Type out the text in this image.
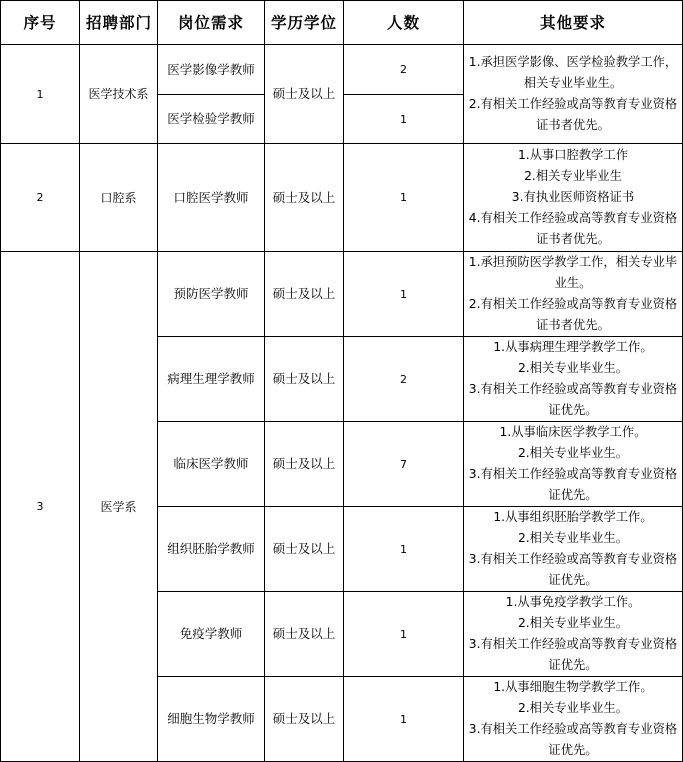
序号	招聘部门	岗位需求	学历学位	人数	其他要求
1	医学技术系	医学影像学教师	硕士及以上	2	1.承担医学影像、医学检验教学工作，相关专业毕业生。
2.有相关工作经验或高等教育专业资格证书者优先。

		医学检验学教师		1	
2	口腔系	口腔医学教师	硕士及以上	1	1.从事口腔教学工作
2.相关专业毕业生
3.有执业医师资格证书
4.有相关工作经验或高等教育专业资格证书者优先。

3	医学系	预防医学教师	硕士及以上	1	1.承担预防医学教学工作，相关专业毕业生。
2.有相关工作经验或高等教育专业资格证书者优先。

		病理生理学教师	硕士及以上	2	1.从事病理生理学教学工作。
2.相关专业毕业生。
3.有相关工作经验或高等教育专业资格证优先。

		临床医学教师	硕士及以上	7	1.从事临床医学教学工作。
2.相关专业毕业生。
3.有相关工作经验或高等教育专业资格证优先。

		组织胚胎学教师	硕士及以上	1	1.从事组织胚胎学教学工作。
2.相关专业毕业生。
3.有相关工作经验或高等教育专业资格证优先。

		免疫学教师	硕士及以上	1	1.从事免疫学教学工作。
2.相关专业毕业生。
3.有相关工作经验或高等教育专业资格证优先。

		细胞生物学教师	硕士及以上	1	1.从事细胞生物学教学工作。
2.相关专业毕业生。
3.有相关工作经验或高等教育专业资格证优先。
